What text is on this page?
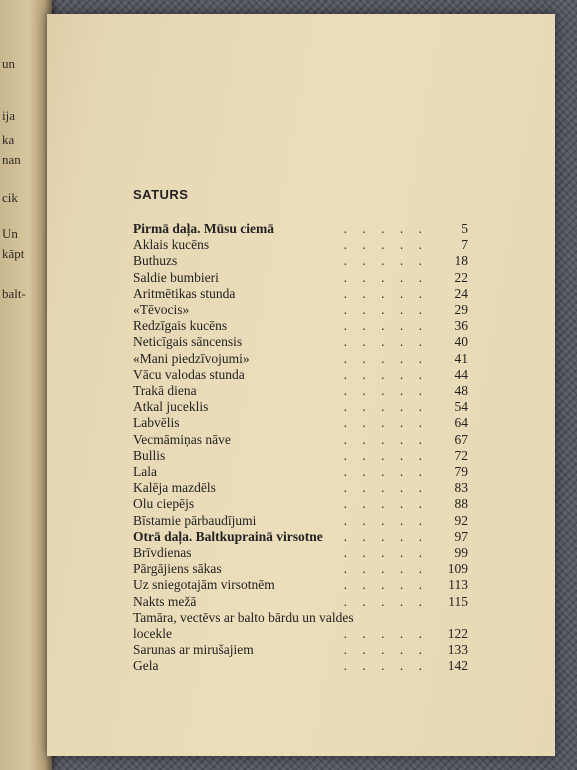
un
ija
ka
nan
cik
Un
kāpt
balt-
SATURS
Pirmā daļa. Mūsu ciemā	. . . . .	5
Aklais kucēns	. . . . .	7
Buthuzs	. . . . .	18
Saldie bumbieri	. . . . .	22
Aritmētikas stunda	. . . . .	24
«Tēvocis»	. . . . .	29
Redzīgais kucēns	. . . . .	36
Neticīgais sāncensis	. . . . .	40
«Mani piedzīvojumi»	. . . . .	41
Vācu valodas stunda	. . . . .	44
Trakā diena	. . . . .	48
Atkal juceklis	. . . . .	54
Labvēlis	. . . . .	64
Vecmāmiņas nāve	. . . . .	67
Bullis	. . . . .	72
Lala	. . . . .	79
Kalēja mazdēls	. . . . .	83
Olu ciepējs	. . . . .	88
Bīstamie pārbaudījumi	. . . . .	92
Otrā daļa. Baltkuprainā virsotne . . . . .	97
Brīvdienas	. . . . .	99
Pārgājiens sākas	. . . . .	109
Uz sniegotajām virsotnēm	. . . . .	113
Nakts mežā	. . . . .	115
Tamāra, vectēvs ar balto bārdu un valdes
locekle	. . . . .	122
Sarunas ar mirušajiem	. . . . .	133
Gela	. . . . .	142
